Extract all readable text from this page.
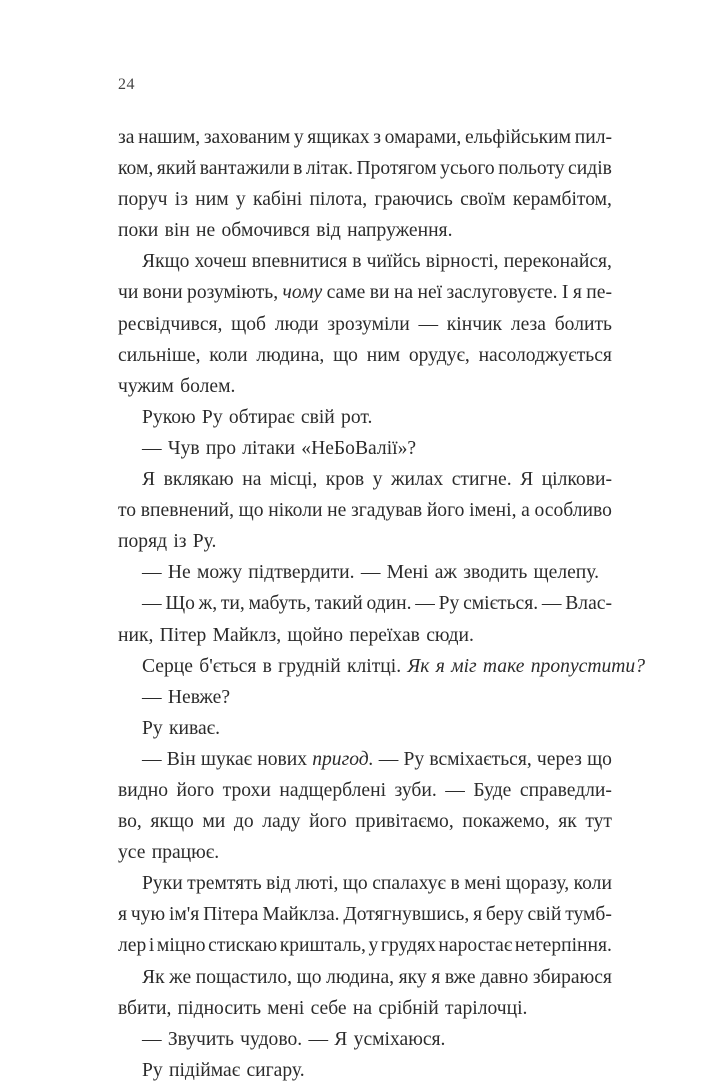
24
за нашим, захованим у ящиках з омарами, ельфійським пил-
ком, який вантажили в літак. Протягом усього польоту сидів
поруч із ним у кабіні пілота, граючись своїм керамбітом,
поки він не обмочився від напруження.
Якщо хочеш впевнитися в чиїйсь вірності, переконайся,
чи вони розуміють, чому саме ви на неї заслуговуєте. І я пе-
ресвідчився, щоб люди зрозуміли — кінчик леза болить
сильніше, коли людина, що ним орудує, насолоджується
чужим болем.
Рукою Ру обтирає свій рот.
— Чув про літаки «НеБоВалії»?
Я вклякаю на місці, кров у жилах стигне. Я цілкови-
то впевнений, що ніколи не згадував його імені, а особливо
поряд із Ру.
— Не можу підтвердити. — Мені аж зводить щелепу.
— Що ж, ти, мабуть, такий один. — Ру сміється. — Влас-
ник, Пітер Майклз, щойно переїхав сюди.
Серце б'ється в грудній клітці. Як я міг таке пропустити?
— Невже?
Ру киває.
— Він шукає нових пригод. — Ру всміхається, через що
видно його трохи надщерблені зуби. — Буде справедли-
во, якщо ми до ладу його привітаємо, покажемо, як тут
усе працює.
Руки тремтять від люті, що спалахує в мені щоразу, коли
я чую ім'я Пітера Майклза. Дотягнувшись, я беру свій тумб-
лер і міцно стискаю кришталь, у грудях наростає нетерпіння.
Як же пощастило, що людина, яку я вже давно збираюся
вбити, підносить мені себе на срібній тарілочці.
— Звучить чудово. — Я усміхаюся.
Ру підіймає сигару.
